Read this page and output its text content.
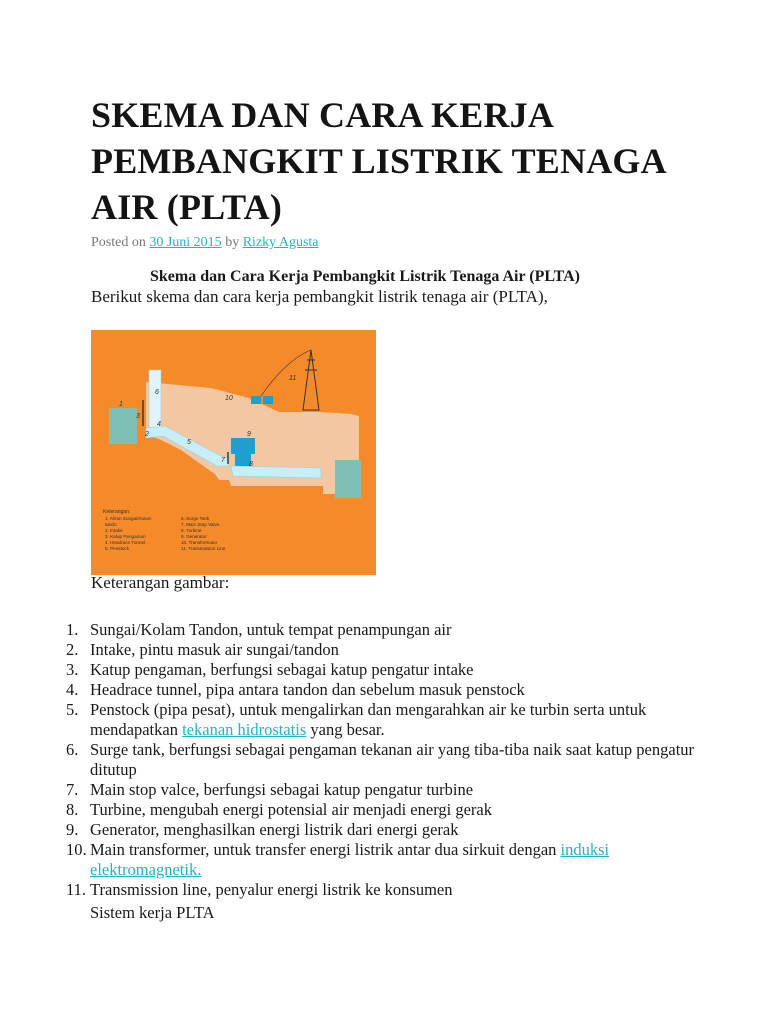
SKEMA DAN CARA KERJA PEMBANGKIT LISTRIK TENAGA AIR (PLTA)
Posted on 30 Juni 2015 by Rizky Agusta
Skema dan Cara Kerja Pembangkit Listrik Tenaga Air (PLTA)
Berikut skema dan cara kerja pembangkit listrik tenaga air (PLTA),
1
2
3
4
5
6
7
8
9
10
11
Keterangan:
1. Aliran Sungai/Kolam
tando
2. Intake
3. Katup Pengaman
4. Headrace Tunnel
5. Penstock
6. Surge Tank
7. Main Stop Valve
8. Turbine
9. Generator
10. Transformator
11. Transmission Line
Keterangan gambar:
1. Sungai/Kolam Tandon, untuk tempat penampungan air
2. Intake, pintu masuk air sungai/tandon
3. Katup pengaman, berfungsi sebagai katup pengatur intake
4. Headrace tunnel, pipa antara tandon dan sebelum masuk penstock
5. Penstock (pipa pesat), untuk mengalirkan dan mengarahkan air ke turbin serta untuk mendapatkan tekanan hidrostatis yang besar.
6. Surge tank, berfungsi sebagai pengaman tekanan air yang tiba-tiba naik saat katup pengatur ditutup
7. Main stop valce, berfungsi sebagai katup pengatur turbine
8. Turbine, mengubah energi potensial air menjadi energi gerak
9. Generator, menghasilkan energi listrik dari energi gerak
10. Main transformer, untuk transfer energi listrik antar dua sirkuit dengan induksi elektromagnetik.
11. Transmission line, penyalur energi listrik ke konsumen
Sistem kerja PLTA
